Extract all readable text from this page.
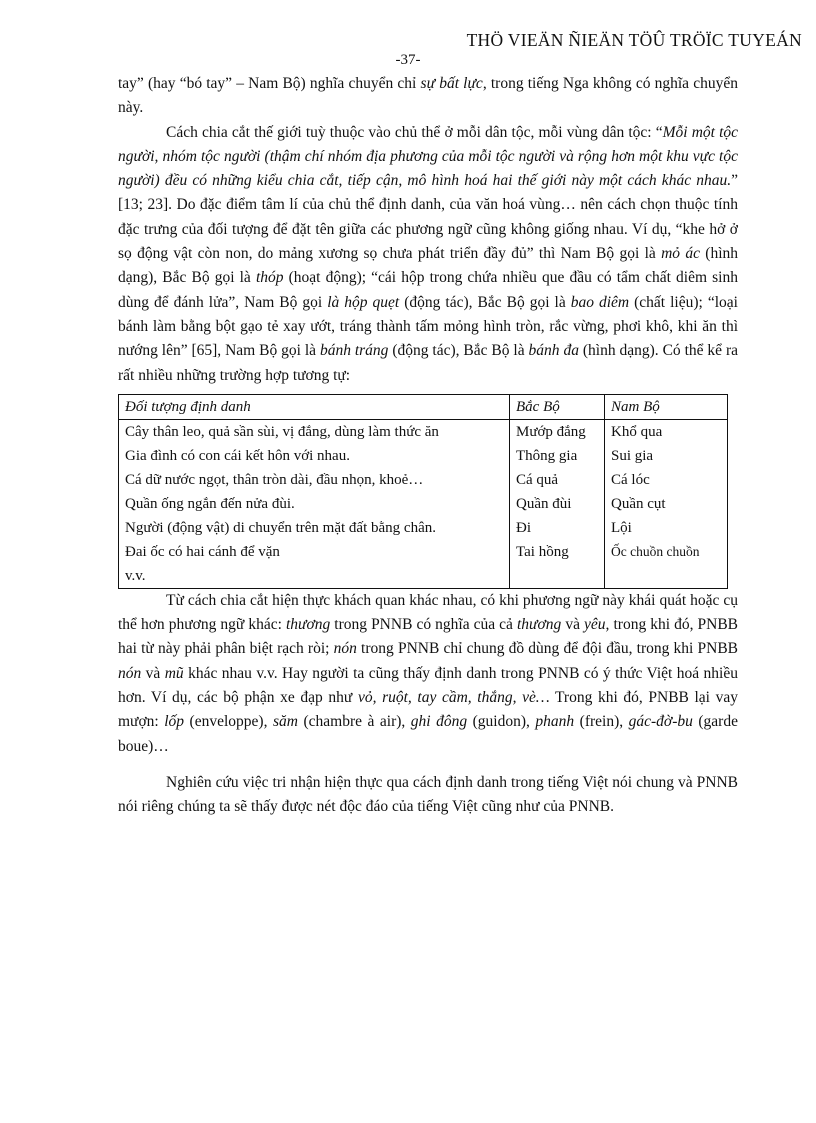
THÖ VIEÄN ÑIEÄN TÖÛ TRÖÏC TUYEÁN
-37-

tay” (hay “bó tay” – Nam Bộ) nghĩa chuyển chỉ sự bất lực, trong tiếng Nga không có nghĩa chuyển này.

Cách chia cắt thế giới tuỳ thuộc vào chủ thể ở mỗi dân tộc, mỗi vùng dân tộc: “Mỗi một tộc người, nhóm tộc người (thậm chí nhóm địa phương của mỗi tộc người và rộng hơn một khu vực tộc người) đều có những kiểu chia cắt, tiếp cận, mô hình hoá hai thế giới này một cách khác nhau.” [13; 23]. Do đặc điểm tâm lí của chủ thể định danh, của văn hoá vùng… nên cách chọn thuộc tính đặc trưng của đối tượng để đặt tên giữa các phương ngữ cũng không giống nhau. Ví dụ, “khe hở ở sọ động vật còn non, do mảng xương sọ chưa phát triển đầy đủ” thì Nam Bộ gọi là mỏ ác (hình dạng), Bắc Bộ gọi là thóp (hoạt động); “cái hộp trong chứa nhiều que đầu có tẩm chất diêm sinh dùng để đánh lửa”, Nam Bộ gọi là hộp quẹt (động tác), Bắc Bộ gọi là bao diêm (chất liệu); “loại bánh làm bằng bột gạo tẻ xay ướt, tráng thành tấm mỏng hình tròn, rắc vừng, phơi khô, khi ăn thì nướng lên” [65], Nam Bộ gọi là bánh tráng (động tác), Bắc Bộ là bánh đa (hình dạng). Có thể kể ra rất nhiều những trường hợp tương tự:

Đối tượng định danh	Bắc Bộ	Nam Bộ
Cây thân leo, quả sần sùi, vị đắng, dùng làm thức ăn	Mướp đắng	Khổ qua
Gia đình có con cái kết hôn với nhau.	Thông gia	Sui gia
Cá dữ nước ngọt, thân tròn dài, đầu nhọn, khoẻ…	Cá quả	Cá lóc
Quần ống ngắn đến nửa đùi.	Quần đùi	Quần cụt
Người (động vật) di chuyển trên mặt đất bằng chân.	Đi	Lội
Đai ốc có hai cánh để vặn	Tai hồng	Ốc chuồn chuồn
v.v.		

Từ cách chia cắt hiện thực khách quan khác nhau, có khi phương ngữ này khái quát hoặc cụ thể hơn phương ngữ khác: thương trong PNNB có nghĩa của cả thương và yêu, trong khi đó, PNBB hai từ này phải phân biệt rạch ròi; nón trong PNNB chỉ chung đồ dùng để đội đầu, trong khi PNBB nón và mũ khác nhau v.v. Hay người ta cũng thấy định danh trong PNNB có ý thức Việt hoá nhiều hơn. Ví dụ, các bộ phận xe đạp như vỏ, ruột, tay cầm, thắng, vè… Trong khi đó, PNBB lại vay mượn: lốp (enveloppe), săm (chambre à air), ghi đông (guidon), phanh (frein), gác-đờ-bu (garde boue)…

Nghiên cứu việc tri nhận hiện thực qua cách định danh trong tiếng Việt nói chung và PNNB nói riêng chúng ta sẽ thấy được nét độc đáo của tiếng Việt cũng như của PNNB.
